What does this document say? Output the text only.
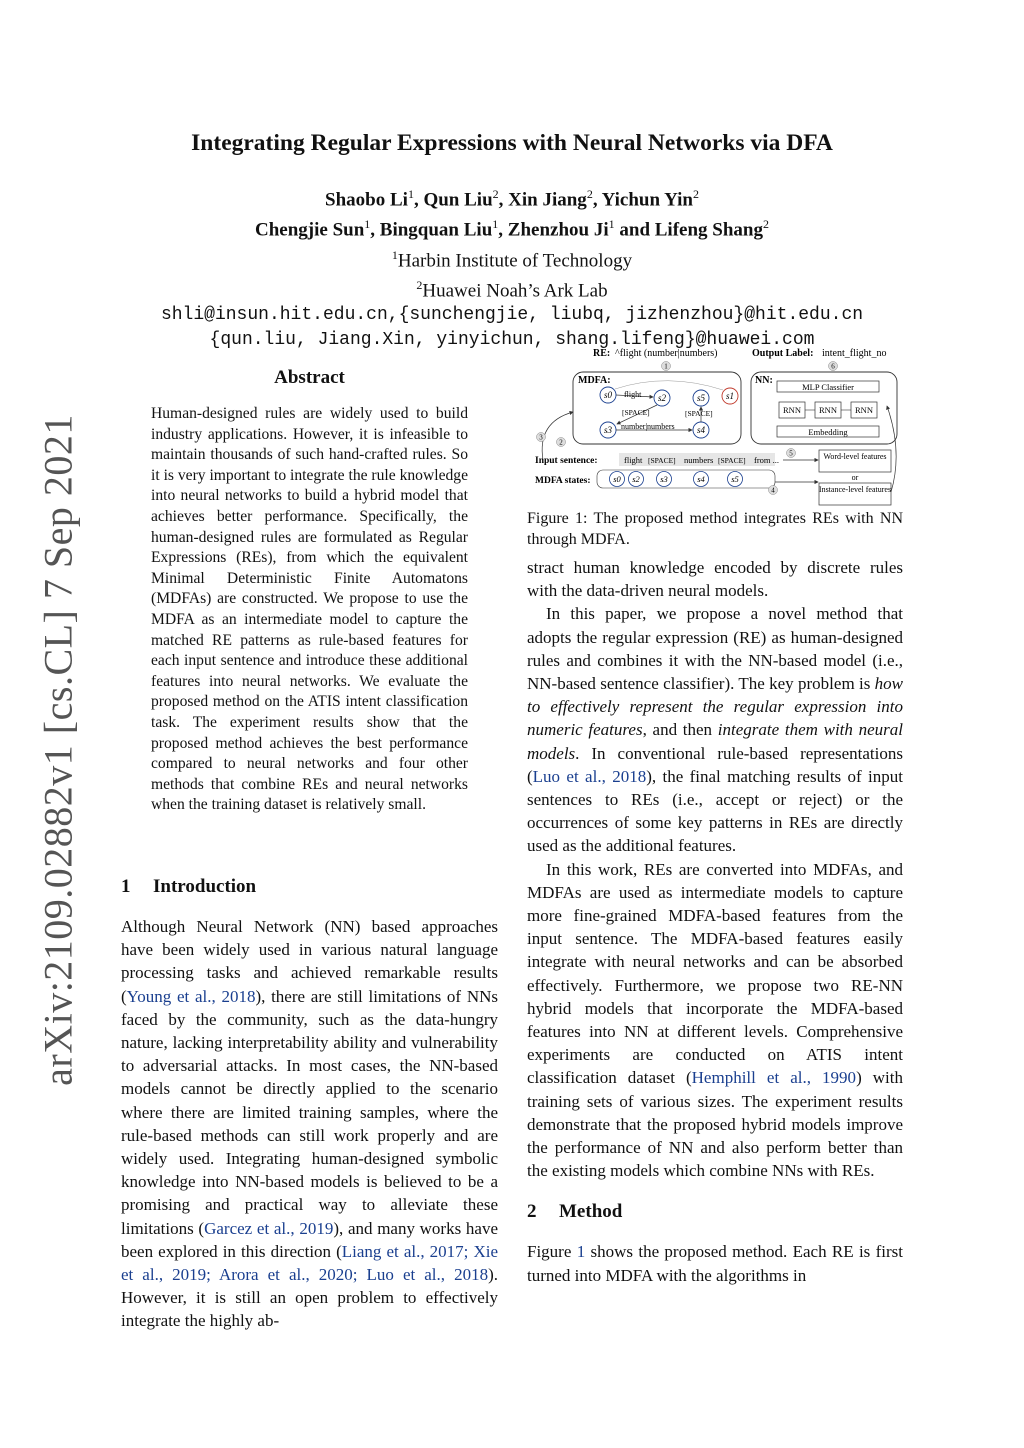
arXiv:2109.02882v1 [cs.CL] 7 Sep 2021
Integrating Regular Expressions with Neural Networks via DFA
Shaobo Li$^1$, Qun Liu$^2$, Xin Jiang$^2$, Yichun Yin$^2$
Chengjie Sun$^1$, Bingquan Liu$^1$, Zhenzhou Ji$^1$ and Lifeng Shang$^2$
$^1$Harbin Institute of Technology
$^2$Huawei Noah’s Ark Lab
shli@insun.hit.edu.cn,{sunchengjie, liubq, jizhenzhou}@hit.edu.cn
{qun.liu, Jiang.Xin, yinyichun, shang.lifeng}@huawei.com
Abstract
Human-designed rules are widely used to build industry applications. However, it is infeasible to maintain thousands of such hand-crafted rules. So it is very important to integrate the rule knowledge into neural networks to build a hybrid model that achieves better performance. Specifically, the human-designed rules are formulated as Regular Expressions (REs), from which the equivalent Minimal Deterministic Finite Automatons (MDFAs) are constructed. We propose to use the MDFA as an intermediate model to capture the matched RE patterns as rule-based features for each input sentence and introduce these additional features into neural networks. We evaluate the proposed method on the ATIS intent classification task. The experiment results show that the proposed method achieves the best performance compared to neural networks and four other methods that combine REs and neural networks when the training dataset is relatively small.
1 Introduction

Although Neural Network (NN) based approaches have been widely used in various natural language processing tasks and achieved remarkable results (Young et al., 2018), there are still limitations of NNs faced by the community, such as the data-hungry nature, lacking interpretability ability and vulnerability to adversarial attacks. In most cases, the NN-based models cannot be directly applied to the scenario where there are limited training samples, where the rule-based methods can still work properly and are widely used. Integrating human-designed symbolic knowledge into NN-based models is believed to be a promising and practical way to alleviate these limitations (Garcez et al., 2019), and many works have been explored in this direction (Liang et al., 2017; Xie et al., 2019; Arora et al., 2020; Luo et al., 2018). However, it is still an open problem to effectively integrate the highly ab-

RE: ^flight (number|numbers)	Output Label: intent_flight_no
1	6
MDFA:
s0	s2	s5 s1
s3	s4
flight
[SPACE]
number|numbers
[SPACE]
NN:
MLP Classifier
RNN RNN RNN
Embedding
3
2
Input sentence:	flight [SPACE] numbers [SPACE] from ...
5
MDFA states:	s0 s2 s3	s4	s5
4
Word-level features
or
Instance-level features
Figure 1: The proposed method integrates REs with NN through MDFA.

stract human knowledge encoded by discrete rules with the data-driven neural models.

In this paper, we propose a novel method that adopts the regular expression (RE) as human-designed rules and combines it with the NN-based model (i.e., NN-based sentence classifier). The key problem is how to effectively represent the regular expression into numeric features, and then integrate them with neural models. In conventional rule-based representations (Luo et al., 2018), the final matching results of input sentences to REs (i.e., accept or reject) or the occurrences of some key patterns in REs are directly used as the additional features.

In this work, REs are converted into MDFAs, and MDFAs are used as intermediate models to capture more fine-grained MDFA-based features from the input sentence. The MDFA-based features easily integrate with neural networks and can be absorbed effectively. Furthermore, we propose two RE-NN hybrid models that incorporate the MDFA-based features into NN at different levels. Comprehensive experiments are conducted on ATIS intent classification dataset (Hemphill et al., 1990) with training sets of various sizes. The experiment results demonstrate that the proposed hybrid models improve the performance of NN and also perform better than the existing models which combine NNs with REs.

2 Method

Figure 1 shows the proposed method. Each RE is first turned into MDFA with the algorithms in
